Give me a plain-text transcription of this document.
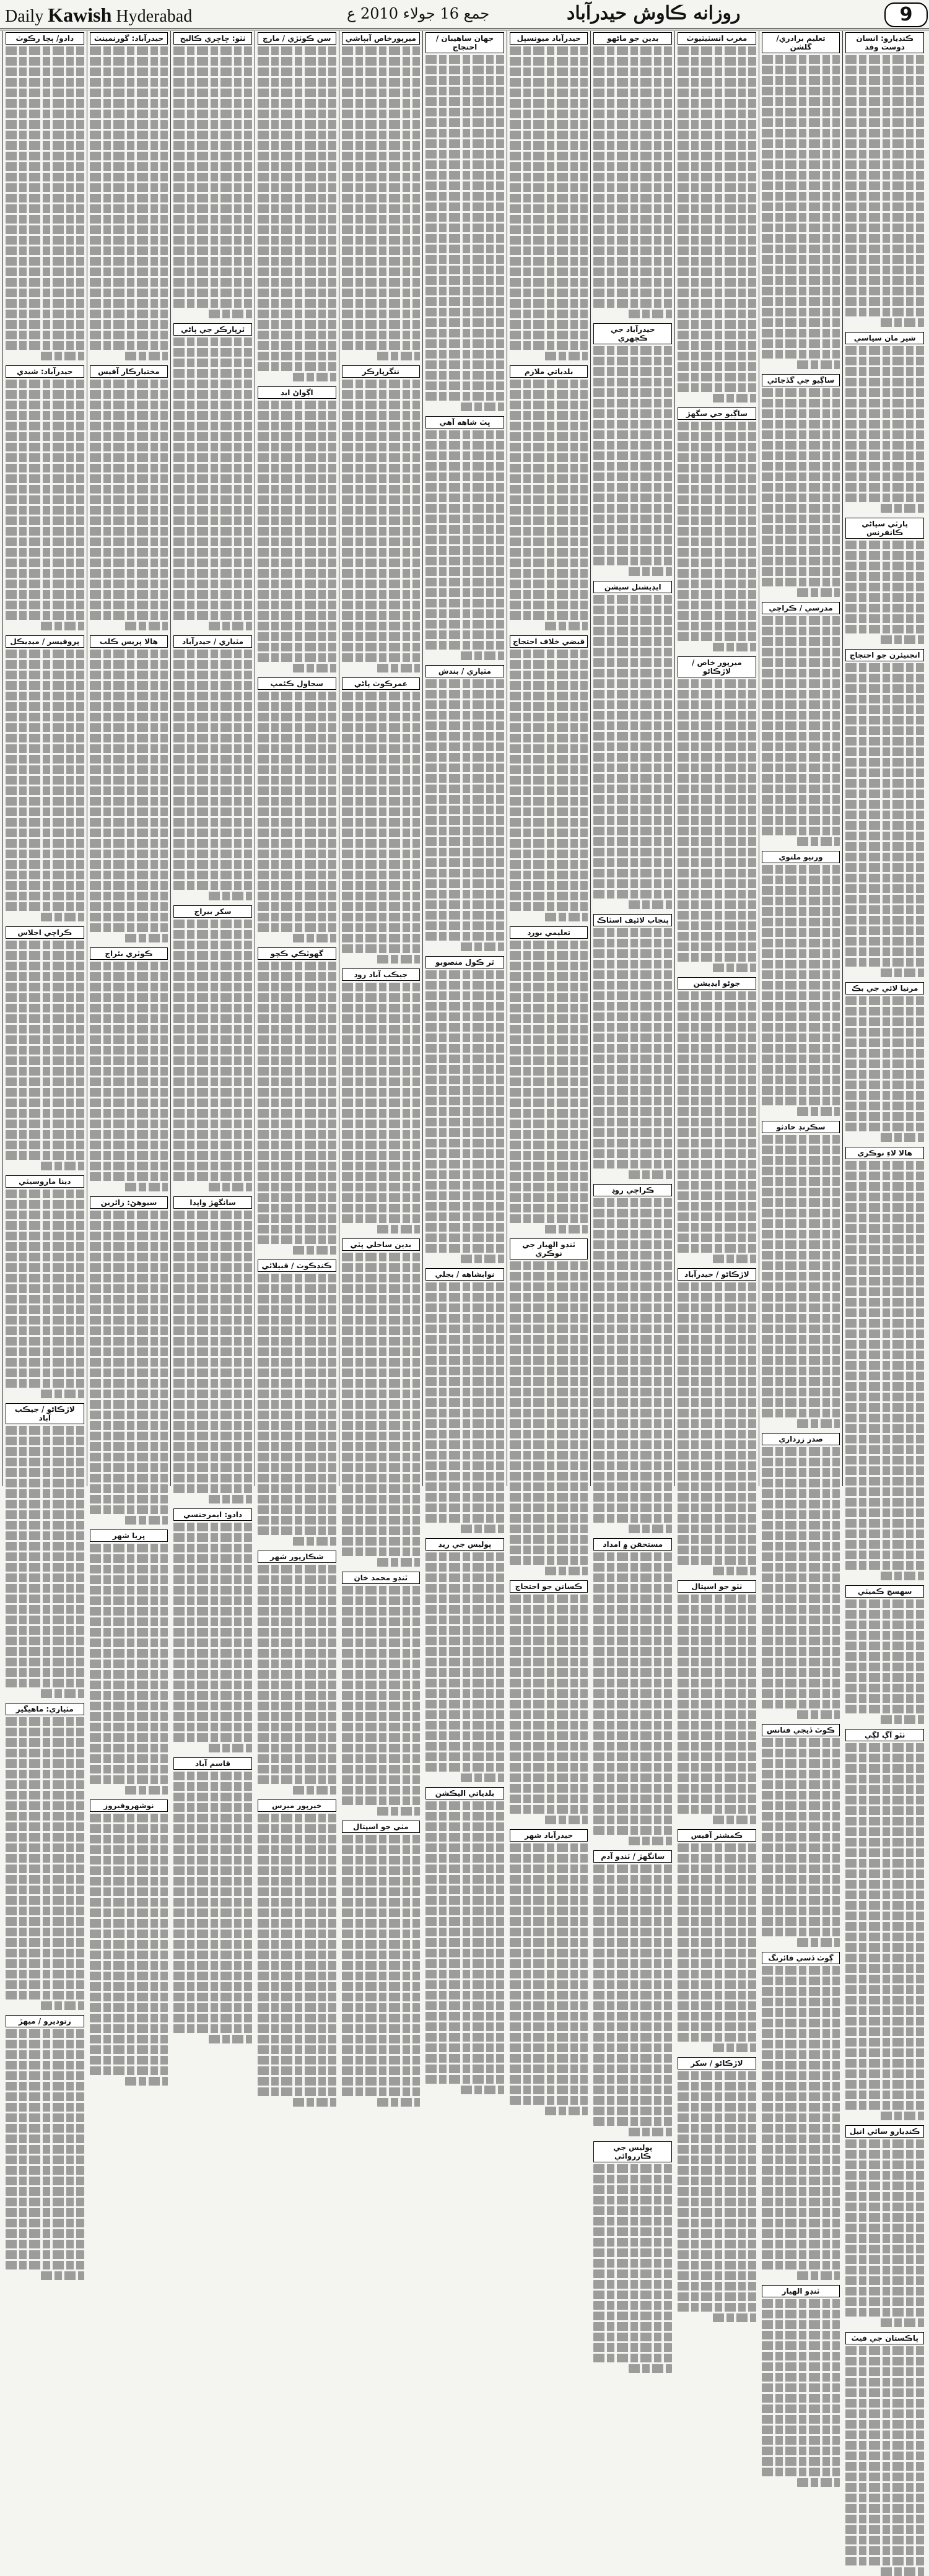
Daily Kawish Hyderabad	جمع 16 جولاء 2010 ع	روزانه ڪاوش حيدرآباد	9
ڪنڊيارو: انسان دوست وفد
شير مان سياسي
پارٽي سڀاڻي ڪانفرنس
انجنيئرن جو احتجاج
مرنيا لائي جي بڪ
هالا لاءِ نوڪري
سهسچ ڪميٽي
ٺٽو آڳ لڳي
ڪنڊيارو سائي انيل
پاڪستان جي فيٽ
تعليم برادري/ گلشن
ساڳيو جي گڏجاڻي
مدرسي / ڪراچي
ورنيو ملتوي
سڪرنڊ حادثو
صدر زرداري
ڪوٽ ڏيجي فنانس
ڳوٺ ڏسي فائرنگ
ٽنڊو الهيار
مغرب انسٽيٽيوٽ
ساڳيو جي سگھڙ
ميرپور خاص / لاڙڪاڻو
جوڻو ايڊيشن
لاڙڪاڻو / حيدرآباد
ٺٽو جو اسپتال
ڪمشنر آفيس
لاڙڪاڻو / سکر
بدين جو ماڻهو
حيدرآباد جي ڪچهري
ايڊيشنل سيشن
پنجاب لائيف اسٽاڪ
ڪراچي روڊ
مستحقن ۾ امداد
سانگھڙ / ٽنڊو آدم
پوليس جي ڪارروائي
حيدرآباد ميونسپل
بلدياتي ملازم
قبضي خلاف احتجاج
تعليمي بورڊ
ٽنڊو الهيار جي نوڪري
ڪسانن جو احتجاج
حيدرآباد شهر
جهان ساهيبان / احتجاج
ڀٽ شاهه آهي
مٽياري / بندش
ٿر ڪول منصوبو
نوابشاهه / بجلي
پوليس جي ريڊ
بلدياتي اليڪشن
ميرپورخاص آبپاشي
ننگرپارڪر
عمرڪوٽ پاڻي
جيڪب آباد روڊ
بدين ساحلي پٽي
ٽنڊو محمد خان
مٺي جو اسپتال
سن ڪوٽڙي / مارچ
اڳواڻ ايڊ
سجاول ڪئمپ
گھوٽڪي ڪچو
ڪنڊڪوٽ / قبيلائي
شڪارپور شهر
خيرپور ميرس
ٺٽو: ڇاڇري ڪاليج
ٿرپارڪر جي پاڻي
مٽياري / حيدرآباد
سکر بيراج
سانگھڙ واپڊا
دادو: ايمرجنسي
قاسم آباد
حيدرآباد: گورنمينٽ
مختيارڪار آفيس
هالا پريس ڪلب
ڪوٽري بئراج
سيوهڻ: زائرين
ڀريا شهر
نوشهروفيروز
دادو/ ٻچا رڪوٽ
حيدرآباد: شيدي
پروفيسر / ميڊيڪل
ڪراچي اجلاس
دينا ماروسيٽي
لاڙڪاڻو / جيڪب آباد
مٽياري: ماهيگير
رتوديرو / ميهڙ
